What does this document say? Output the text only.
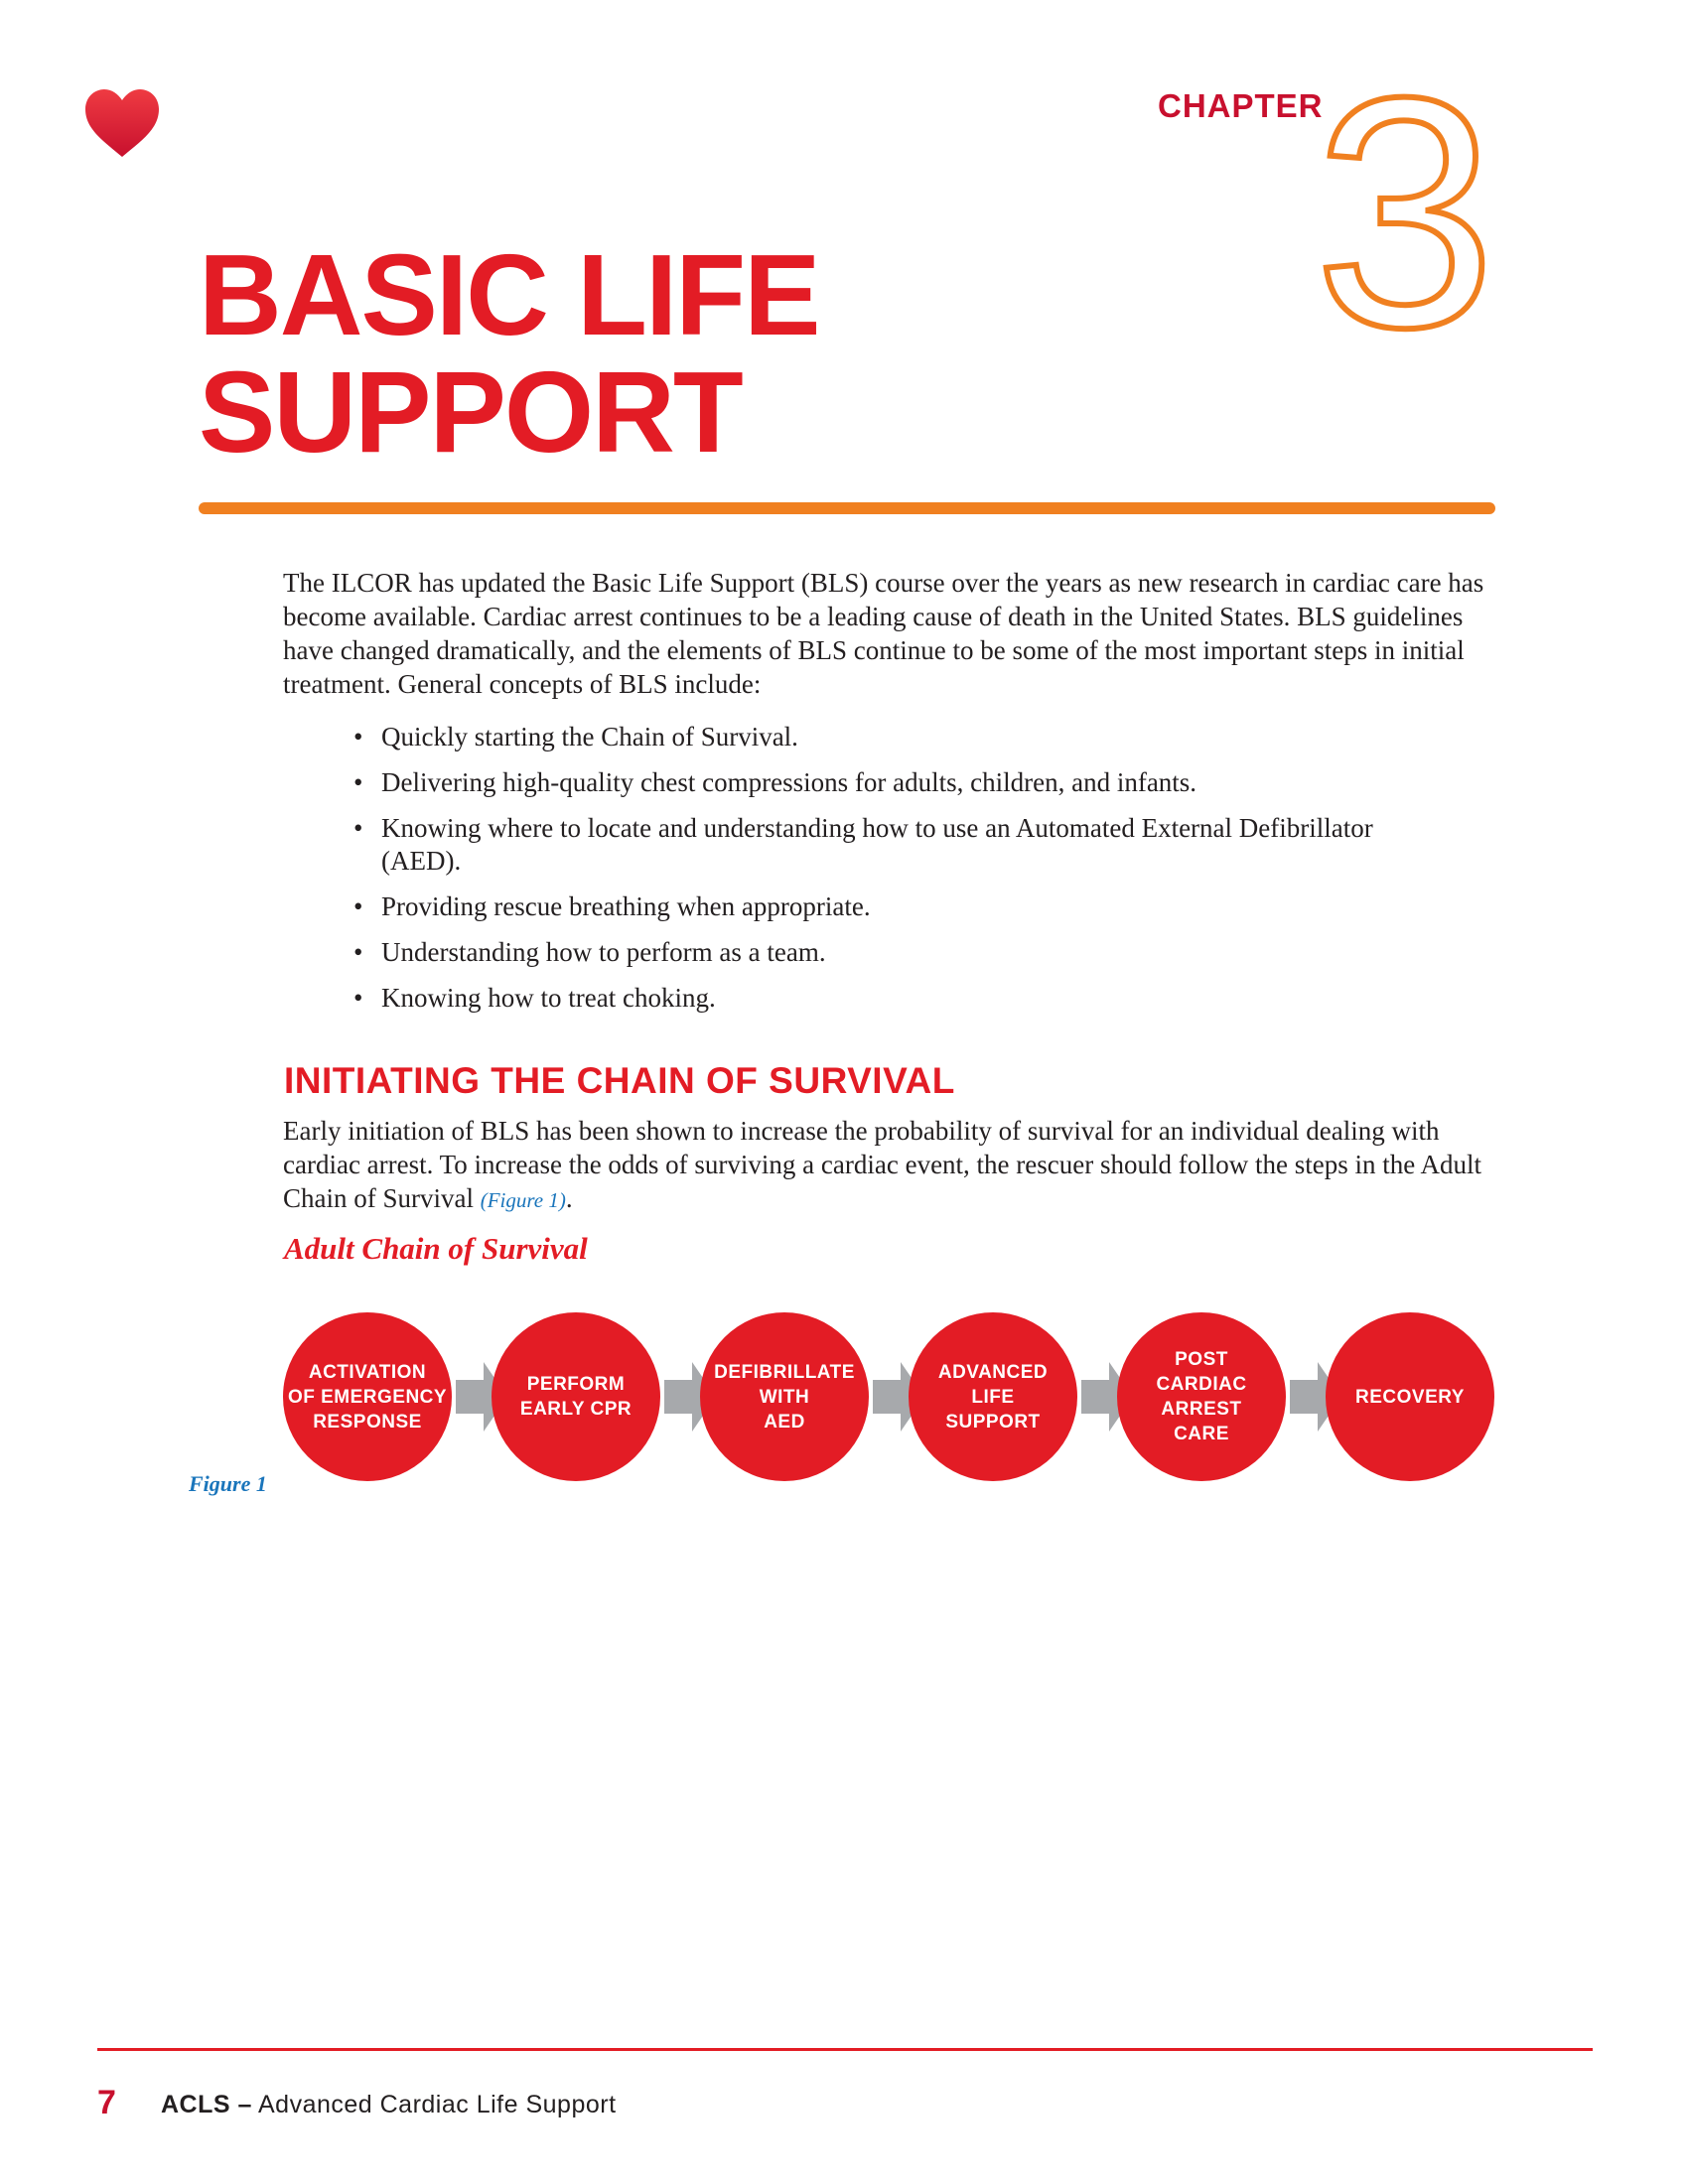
CHAPTER
3
BASIC LIFE
SUPPORT

The ILCOR has updated the Basic Life Support (BLS) course over the years as new research in cardiac care has become available. Cardiac arrest continues to be a leading cause of death in the United States. BLS guidelines have changed dramatically, and the elements of BLS continue to be some of the most important steps in initial treatment. General concepts of BLS include:

• Quickly starting the Chain of Survival.
• Delivering high-quality chest compressions for adults, children, and infants.
• Knowing where to locate and understanding how to use an Automated External Defibrillator (AED).
• Providing rescue breathing when appropriate.
• Understanding how to perform as a team.
• Knowing how to treat choking.
INITIATING THE CHAIN OF SURVIVAL

Early initiation of BLS has been shown to increase the probability of survival for an individual dealing with cardiac arrest. To increase the odds of surviving a cardiac event, the rescuer should follow the steps in the Adult Chain of Survival (Figure 1).

Adult Chain of Survival
ACTIVATION
OF EMERGENCY
RESPONSE
PERFORM
EARLY CPR
DEFIBRILLATE
WITH
AED
ADVANCED
LIFE
SUPPORT
POST
CARDIAC
ARREST
CARE
RECOVERY
Figure 1
7 ACLS – Advanced Cardiac Life Support
